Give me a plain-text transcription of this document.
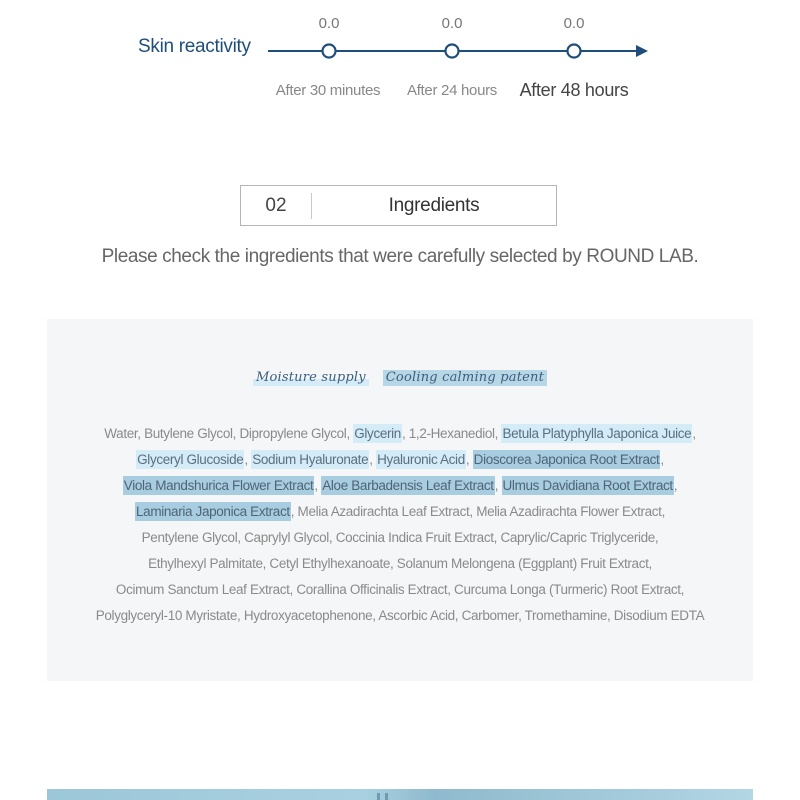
Skin reactivity
0.0	0.0	0.0
After 30 minutes	After 24 hours	After 48 hours
02	Ingredients
Please check the ingredients that were carefully selected by ROUND LAB.
Moisture supply Cooling calming patent
Water, Butylene Glycol, Dipropylene Glycol, Glycerin, 1,2-Hexanediol, Betula Platyphylla Japonica Juice,
Glyceryl Glucoside, Sodium Hyaluronate, Hyaluronic Acid, Dioscorea Japonica Root Extract,
Viola Mandshurica Flower Extract, Aloe Barbadensis Leaf Extract, Ulmus Davidiana Root Extract,
Laminaria Japonica Extract, Melia Azadirachta Leaf Extract, Melia Azadirachta Flower Extract,
Pentylene Glycol, Caprylyl Glycol, Coccinia Indica Fruit Extract, Caprylic/Capric Triglyceride,
Ethylhexyl Palmitate, Cetyl Ethylhexanoate, Solanum Melongena (Eggplant) Fruit Extract,
Ocimum Sanctum Leaf Extract, Corallina Officinalis Extract, Curcuma Longa (Turmeric) Root Extract,
Polyglyceryl-10 Myristate, Hydroxyacetophenone, Ascorbic Acid, Carbomer, Tromethamine, Disodium EDTA
